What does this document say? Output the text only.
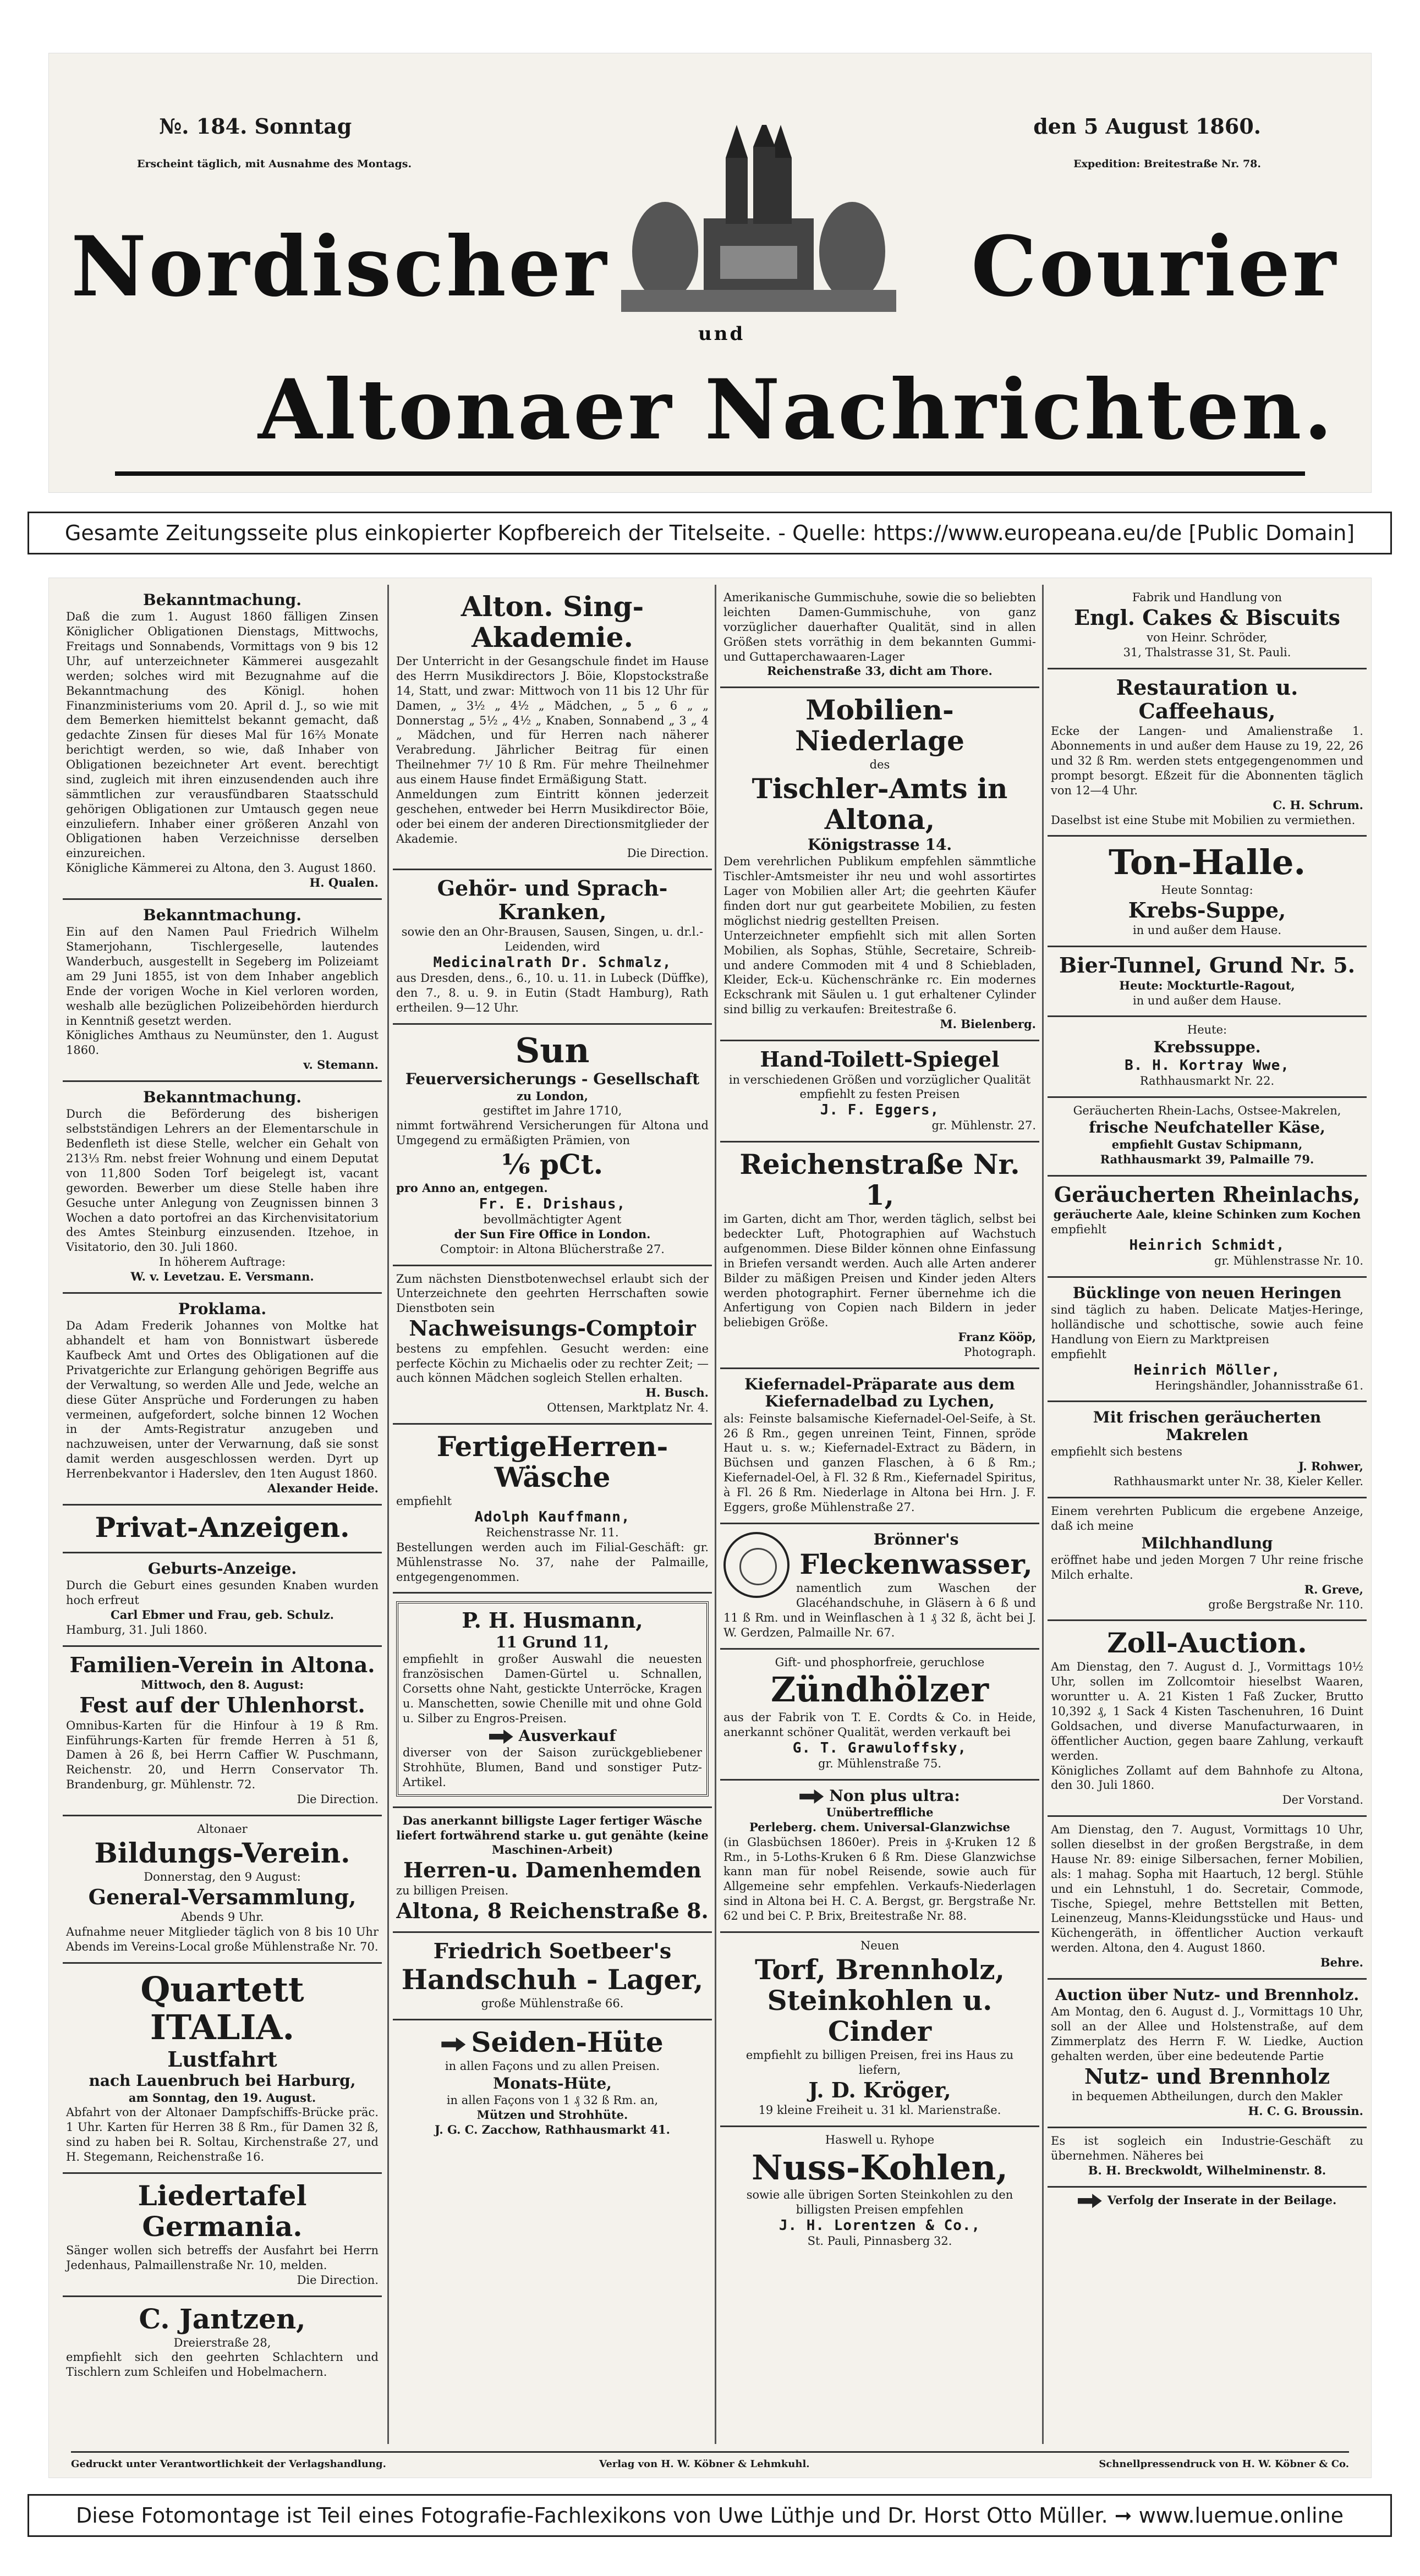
№. 184. Sonntag	den 5 August 1860.
Erscheint täglich, mit Ausnahme des Montags.	Expedition: Breitestraße Nr. 78.
Nordischer	Courier
und
Altonaer Nachrichten.
Gesamte Zeitungsseite plus einkopierter Kopfbereich der Titelseite. - Quelle: https://www.europeana.eu/de [Public Domain]
Bekanntmachung.
Daß die zum 1. August 1860 fälligen Zinsen Königlicher Obligationen Dienstags, Mittwochs, Freitags und Sonnabends, Vormittags von 9 bis 12 Uhr, auf unterzeichneter Kämmerei ausgezahlt werden; solches wird mit Bezugnahme auf die Bekanntmachung des Königl. hohen Finanzministeriums vom 20. April d. J., so wie mit dem Bemerken hiemittelst bekannt gemacht, daß gedachte Zinsen für dieses Mal für 16⅔ Monate berichtigt werden, so wie, daß Inhaber von Obligationen bezeichneter Art event. berechtigt sind, zugleich mit ihren einzusendenden auch ihre sämmtlichen zur verausfündbaren Staatsschuld gehörigen Obligationen zur Umtausch gegen neue einzuliefern. Inhaber einer größeren Anzahl von Obligationen haben Verzeichnisse derselben einzureichen.
Königliche Kämmerei zu Altona, den 3. August 1860.
H. Qualen.
Bekanntmachung.
Ein auf den Namen Paul Friedrich Wilhelm Stamerjohann, Tischlergeselle, lautendes Wanderbuch, ausgestellt in Segeberg im Polizeiamt am 29 Juni 1855, ist von dem Inhaber angeblich Ende der vorigen Woche in Kiel verloren worden, weshalb alle bezüglichen Polizeibehörden hierdurch in Kenntniß gesetzt werden.
Königliches Amthaus zu Neumünster, den 1. August 1860.
v. Stemann.
Bekanntmachung.
Durch die Beförderung des bisherigen selbstständigen Lehrers an der Elementarschule in Bedenfleth ist diese Stelle, welcher ein Gehalt von 213⅓ Rm. nebst freier Wohnung und einem Deputat von 11,800 Soden Torf beigelegt ist, vacant geworden. Bewerber um diese Stelle haben ihre Gesuche unter Anlegung von Zeugnissen binnen 3 Wochen a dato portofrei an das Kirchenvisitatorium des Amtes Steinburg einzusenden. Itzehoe, in Visitatorio, den 30. Juli 1860.
In höherem Auftrage:
W. v. Levetzau. E. Versmann.
Proklama.
Da Adam Frederik Johannes von Moltke hat abhandelt et ham von Bonnistwart üsberede Kaufbeck Amt und Ortes des Obligationen auf die Privatgerichte zur Erlangung gehörigen Begriffe aus der Verwaltung, so werden Alle und Jede, welche an diese Güter Ansprüche und Forderungen zu haben vermeinen, aufgefordert, solche binnen 12 Wochen in der Amts-Registratur anzugeben und nachzuweisen, unter der Verwarnung, daß sie sonst damit werden ausgeschlossen werden. Dyrt up Herrenbekvantor i Haderslev, den 1ten August 1860.
Alexander Heide.
Privat-Anzeigen.
Geburts-Anzeige.
Durch die Geburt eines gesunden Knaben wurden hoch erfreut
Carl Ebmer und Frau, geb. Schulz.
Hamburg, 31. Juli 1860.
Familien-Verein in Altona.
Mittwoch, den 8. August:
Fest auf der Uhlenhorst.
Omnibus-Karten für die Hinfour à 19 ß Rm. Einführungs-Karten für fremde Herren à 51 ß, Damen à 26 ß, bei Herrn Caffier W. Puschmann, Reichenstr. 20, und Herrn Conservator Th. Brandenburg, gr. Mühlenstr. 72.
Die Direction.
Altonaer
Bildungs-Verein.
Donnerstag, den 9 August:
General-Versammlung,
Abends 9 Uhr.
Aufnahme neuer Mitglieder täglich von 8 bis 10 Uhr Abends im Vereins-Local große Mühlenstraße Nr. 70.
Quartett ITALIA.
Lustfahrt
nach Lauenbruch bei Harburg,
am Sonntag, den 19. August.
Abfahrt von der Altonaer Dampfschiffs-Brücke präc. 1 Uhr. Karten für Herren 38 ß Rm., für Damen 32 ß, sind zu haben bei R. Soltau, Kirchenstraße 27, und H. Stegemann, Reichenstraße 16.
Liedertafel Germania.
Sänger wollen sich betreffs der Ausfahrt bei Herrn Jedenhaus, Palmaillenstraße Nr. 10, melden.
Die Direction.
C. Jantzen,
Dreierstraße 28,
empfiehlt sich den geehrten Schlachtern und Tischlern zum Schleifen und Hobelmachern.
Alton. Sing-Akademie.
Der Unterricht in der Gesangschule findet im Hause des Herrn Musikdirectors J. Böie, Klopstockstraße 14, Statt, und zwar: Mittwoch von 11 bis 12 Uhr für Damen, „ 3½ „ 4½ „ Mädchen, „ 5 „ 6 „ „ Donnerstag „ 5½ „ 4½ „ Knaben, Sonnabend „ 3 „ 4 „ Mädchen, und für Herren nach näherer Verabredung. Jährlicher Beitrag für einen Theilnehmer 7⅟ 10 ß Rm. Für mehre Theilnehmer aus einem Hause findet Ermäßigung Statt.
Anmeldungen zum Eintritt können jederzeit geschehen, entweder bei Herrn Musikdirector Böie, oder bei einem der anderen Directionsmitglieder der Akademie.
Die Direction.
Gehör- und Sprach-Kranken,
sowie den an Ohr-Brausen, Sausen, Singen, u. dr.l.-Leidenden, wird
Medicinalrath Dr. Schmalz,
aus Dresden, dens., 6., 10. u. 11. in Lubeck (Düffke), den 7., 8. u. 9. in Eutin (Stadt Hamburg), Rath ertheilen. 9—12 Uhr.
Sun
Feuerversicherungs - Gesellschaft
zu London,
gestiftet im Jahre 1710,
nimmt fortwährend Versicherungen für Altona und Umgegend zu ermäßigten Prämien, von
⅙ pCt.
pro Anno an, entgegen.
Fr. E. Drishaus,
bevollmächtigter Agent
der Sun Fire Office in London.
Comptoir: in Altona Blücherstraße 27.
Zum nächsten Dienstbotenwechsel erlaubt sich der Unterzeichnete den geehrten Herrschaften sowie Dienstboten sein
Nachweisungs-Comptoir
bestens zu empfehlen. Gesucht werden: eine perfecte Köchin zu Michaelis oder zu rechter Zeit; — auch können Mädchen sogleich Stellen erhalten.
H. Busch.
Ottensen, Marktplatz Nr. 4.
FertigeHerren-Wäsche
empfiehlt
Adolph Kauffmann,
Reichenstrasse Nr. 11.
Bestellungen werden auch im Filial-Geschäft: gr. Mühlenstrasse No. 37, nahe der Palmaille, entgegengenommen.
P. H. Husmann,
11 Grund 11,
empfiehlt in großer Auswahl die neuesten französischen Damen-Gürtel u. Schnallen, Corsetts ohne Naht, gestickte Unterröcke, Kragen u. Manschetten, sowie Chenille mit und ohne Gold u. Silber zu Engros-Preisen.
Ausverkauf
diverser von der Saison zurückgebliebener Strohhüte, Blumen, Band und sonstiger Putz-Artikel.
Das anerkannt billigste Lager fertiger Wäsche liefert fortwährend starke u. gut genähte (keine Maschinen-Arbeit)
Herren-u. Damenhemden
zu billigen Preisen.
Altona, 8 Reichenstraße 8.
Friedrich Soetbeer's
Handschuh - Lager,
große Mühlenstraße 66.
Seiden-Hüte
in allen Façons und zu allen Preisen.
Monats-Hüte,
in allen Façons von 1 ₰ 32 ß Rm. an,
Mützen und Strohhüte.
J. G. C. Zacchow, Rathhausmarkt 41.
Amerikanische Gummischuhe, sowie die so beliebten leichten Damen-Gummischuhe, von ganz vorzüglicher dauerhafter Qualität, sind in allen Größen stets vorräthig in dem bekannten Gummi- und Guttaperchawaaren-Lager
Reichenstraße 33, dicht am Thore.
Mobilien-Niederlage
des
Tischler-Amts in Altona,
Königstrasse 14.
Dem verehrlichen Publikum empfehlen sämmtliche Tischler-Amtsmeister ihr neu und wohl assortirtes Lager von Mobilien aller Art; die geehrten Käufer finden dort nur gut gearbeitete Mobilien, zu festen möglichst niedrig gestellten Preisen.
Unterzeichneter empfiehlt sich mit allen Sorten Mobilien, als Sophas, Stühle, Secretaire, Schreib- und andere Commoden mit 4 und 8 Schiebladen, Kleider, Eck-u. Küchenschränke rc. Ein modernes Eckschrank mit Säulen u. 1 gut erhaltener Cylinder sind billig zu verkaufen: Breitestraße 6.
M. Bielenberg.
Hand-Toilett-Spiegel
in verschiedenen Größen und vorzüglicher Qualität empfiehlt zu festen Preisen
J. F. Eggers,
gr. Mühlenstr. 27.
Reichenstraße Nr. 1,
im Garten, dicht am Thor, werden täglich, selbst bei bedeckter Luft, Photographien auf Wachstuch aufgenommen. Diese Bilder können ohne Einfassung in Briefen versandt werden. Auch alle Arten anderer Bilder zu mäßigen Preisen und Kinder jeden Alters werden photographirt. Ferner übernehme ich die Anfertigung von Copien nach Bildern in jeder beliebigen Größe.
Franz Kööp,
Photograph.
Kiefernadel-Präparate aus dem Kiefernadelbad zu Lychen,
als: Feinste balsamische Kiefernadel-Oel-Seife, à St. 26 ß Rm., gegen unreinen Teint, Finnen, spröde Haut u. s. w.; Kiefernadel-Extract zu Bädern, in Büchsen und ganzen Flaschen, à 6 ß Rm.; Kiefernadel-Oel, à Fl. 32 ß Rm., Kiefernadel Spiritus, à Fl. 26 ß Rm. Niederlage in Altona bei Hrn. J. F. Eggers, große Mühlenstraße 27.
Brönner's
Fleckenwasser,
namentlich zum Waschen der Glacéhandschuhe, in Gläsern à 6 ß und 11 ß Rm. und in Weinflaschen à 1 ₰ 32 ß, ächt bei J. W. Gerdzen, Palmaille Nr. 67.
Gift- und phosphorfreie, geruchlose
Zündhölzer
aus der Fabrik von T. E. Cordts & Co. in Heide, anerkannt schöner Qualität, werden verkauft bei
G. T. Grawuloffsky,
gr. Mühlenstraße 75.
Non plus ultra:
Unübertreffliche
Perleberg. chem. Universal-Glanzwichse
(in Glasbüchsen 1860er). Preis in ₰-Kruken 12 ß Rm., in 5-Loths-Kruken 6 ß Rm. Diese Glanzwichse kann man für nobel Reisende, sowie auch für Allgemeine sehr empfehlen. Verkaufs-Niederlagen sind in Altona bei H. C. A. Bergst, gr. Bergstraße Nr. 62 und bei C. P. Brix, Breitestraße Nr. 88.
Neuen
Torf, Brennholz, Steinkohlen u. Cinder
empfiehlt zu billigen Preisen, frei ins Haus zu liefern,
J. D. Kröger,
19 kleine Freiheit u. 31 kl. Marienstraße.
Haswell u. Ryhope
Nuss-Kohlen,
sowie alle übrigen Sorten Steinkohlen zu den billigsten Preisen empfehlen
J. H. Lorentzen & Co.,
St. Pauli, Pinnasberg 32.
Fabrik und Handlung von
Engl. Cakes & Biscuits
von Heinr. Schröder,
31, Thalstrasse 31, St. Pauli.
Restauration u. Caffeehaus,
Ecke der Langen- und Amalienstraße 1. Abonnements in und außer dem Hause zu 19, 22, 26 und 32 ß Rm. werden stets entgegengenommen und prompt besorgt. Eßzeit für die Abonnenten täglich von 12—4 Uhr.
C. H. Schrum.
Daselbst ist eine Stube mit Mobilien zu vermiethen.
Ton-Halle.
Heute Sonntag:
Krebs-Suppe,
in und außer dem Hause.
Bier-Tunnel, Grund Nr. 5.
Heute: Mockturtle-Ragout,
in und außer dem Hause.
Heute:
Krebssuppe.
B. H. Kortray Wwe,
Rathhausmarkt Nr. 22.
Geräucherten Rhein-Lachs, Ostsee-Makrelen,
frische Neufchateller Käse,
empfiehlt Gustav Schipmann,
Rathhausmarkt 39, Palmaille 79.
Geräucherten Rheinlachs,
geräucherte Aale, kleine Schinken zum Kochen
empfiehlt
Heinrich Schmidt,
gr. Mühlenstrasse Nr. 10.
Bücklinge von neuen Heringen
sind täglich zu haben. Delicate Matjes-Heringe, holländische und schottische, sowie auch feine Handlung von Eiern zu Marktpreisen
empfiehlt
Heinrich Möller,
Heringshändler, Johannisstraße 61.
Mit frischen geräucherten Makrelen
empfiehlt sich bestens
J. Rohwer,
Rathhausmarkt unter Nr. 38, Kieler Keller.
Einem verehrten Publicum die ergebene Anzeige, daß ich meine
Milchhandlung
eröffnet habe und jeden Morgen 7 Uhr reine frische Milch erhalte.
R. Greve,
große Bergstraße Nr. 110.
Zoll-Auction.
Am Dienstag, den 7. August d. J., Vormittags 10½ Uhr, sollen im Zollcomtoir hieselbst Waaren, woruntter u. A. 21 Kisten 1 Faß Zucker, Brutto 10,392 ₰, 1 Sack 4 Kisten Taschenuhren, 16 Duint Goldsachen, und diverse Manufacturwaaren, in öffentlicher Auction, gegen baare Zahlung, verkauft werden.
Königliches Zollamt auf dem Bahnhofe zu Altona, den 30. Juli 1860.
Der Vorstand.
Am Dienstag, den 7. August, Vormittags 10 Uhr, sollen dieselbst in der großen Bergstraße, in dem Hause Nr. 89: einige Silbersachen, ferner Mobilien, als: 1 mahag. Sopha mit Haartuch, 12 bergl. Stühle und ein Lehnstuhl, 1 do. Secretair, Commode, Tische, Spiegel, mehre Bettstellen mit Betten, Leinenzeug, Manns-Kleidungsstücke und Haus- und Küchengeräth, in öffentlicher Auction verkauft werden. Altona, den 4. August 1860.
Behre.
Auction über Nutz- und Brennholz.
Am Montag, den 6. August d. J., Vormittags 10 Uhr, soll an der Allee und Holstenstraße, auf dem Zimmerplatz des Herrn F. W. Liedke, Auction gehalten werden, über eine bedeutende Partie
Nutz- und Brennholz
in bequemen Abtheilungen, durch den Makler
H. C. G. Broussin.
Es ist sogleich ein Industrie-Geschäft zu übernehmen. Näheres bei
B. H. Breckwoldt, Wilhelminenstr. 8.
Verfolg der Inserate in der Beilage.
Gedruckt unter Verantwortlichkeit der Verlagshandlung.	Verlag von H. W. Köbner & Lehmkuhl.	Schnellpressendruck von H. W. Köbner & Co.
Diese Fotomontage ist Teil eines Fotografie-Fachlexikons von Uwe Lüthje und Dr. Horst Otto Müller. ➞ www.luemue.online
